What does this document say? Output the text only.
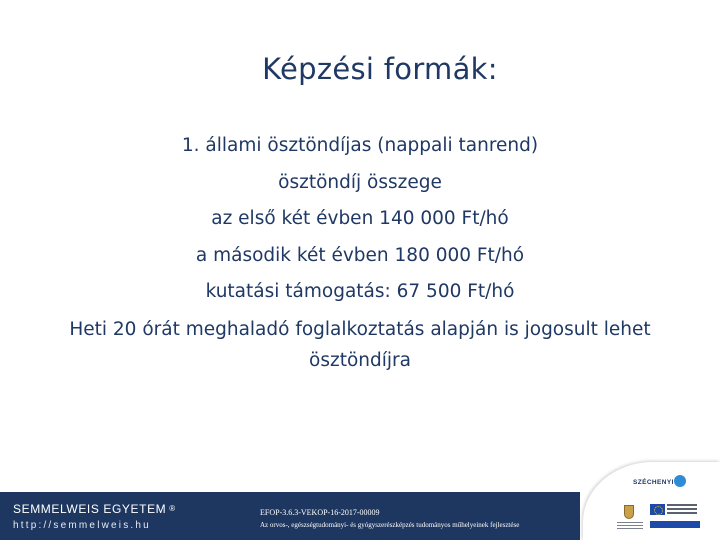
Képzési formák:
1. állami ösztöndíjas (nappali tanrend)
ösztöndíj összege
az első két évben 140 000 Ft/hó
a második két évben 180 000 Ft/hó
kutatási támogatás: 67 500 Ft/hó
Heti 20 órát meghaladó foglalkoztatás alapján is jogosult lehet ösztöndíjra
SEMMELWEIS EGYETEM ®
http://semmelweis.hu
EFOP-3.6.3-VEKOP-16-2017-00009
Az orvos-, egészségtudományi- és gyógyszerészképzés tudományos műhelyeinek fejlesztése
SZÉCHENYI
